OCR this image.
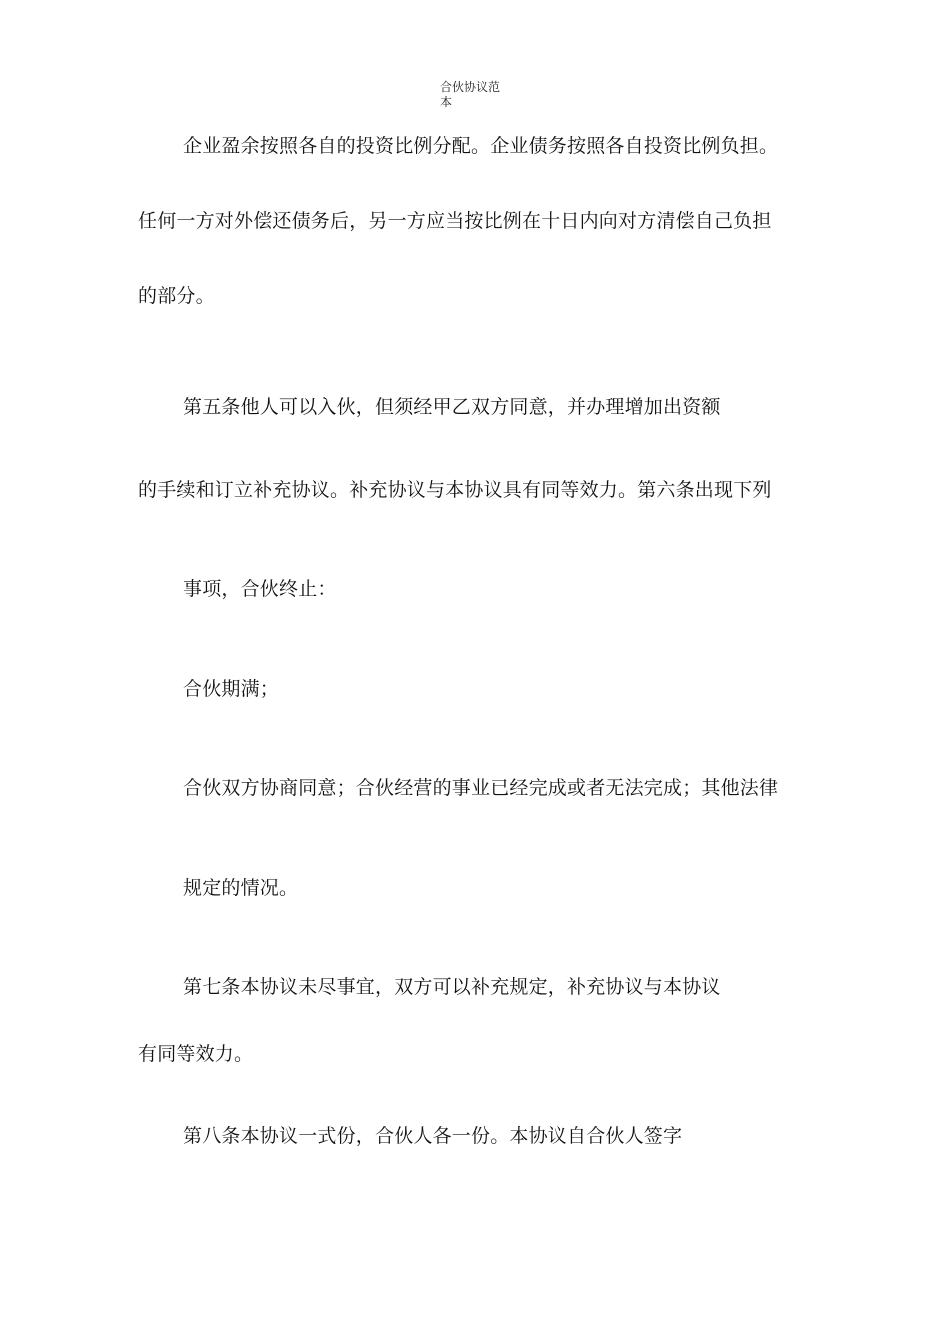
合伙协议范
本
企业盈余按照各自的投资比例分配。企业债务按照各自投资比例负担。
任何一方对外偿还债务后，另一方应当按比例在十日内向对方清偿自己负担
的部分。
第五条他人可以入伙，但须经甲乙双方同意，并办理增加出资额
的手续和订立补充协议。补充协议与本协议具有同等效力。第六条出现下列
事项，合伙终止：
合伙期满；
合伙双方协商同意；合伙经营的事业已经完成或者无法完成；其他法律
规定的情况。
第七条本协议未尽事宜，双方可以补充规定，补充协议与本协议
有同等效力。
第八条本协议一式份，合伙人各一份。本协议自合伙人签字
